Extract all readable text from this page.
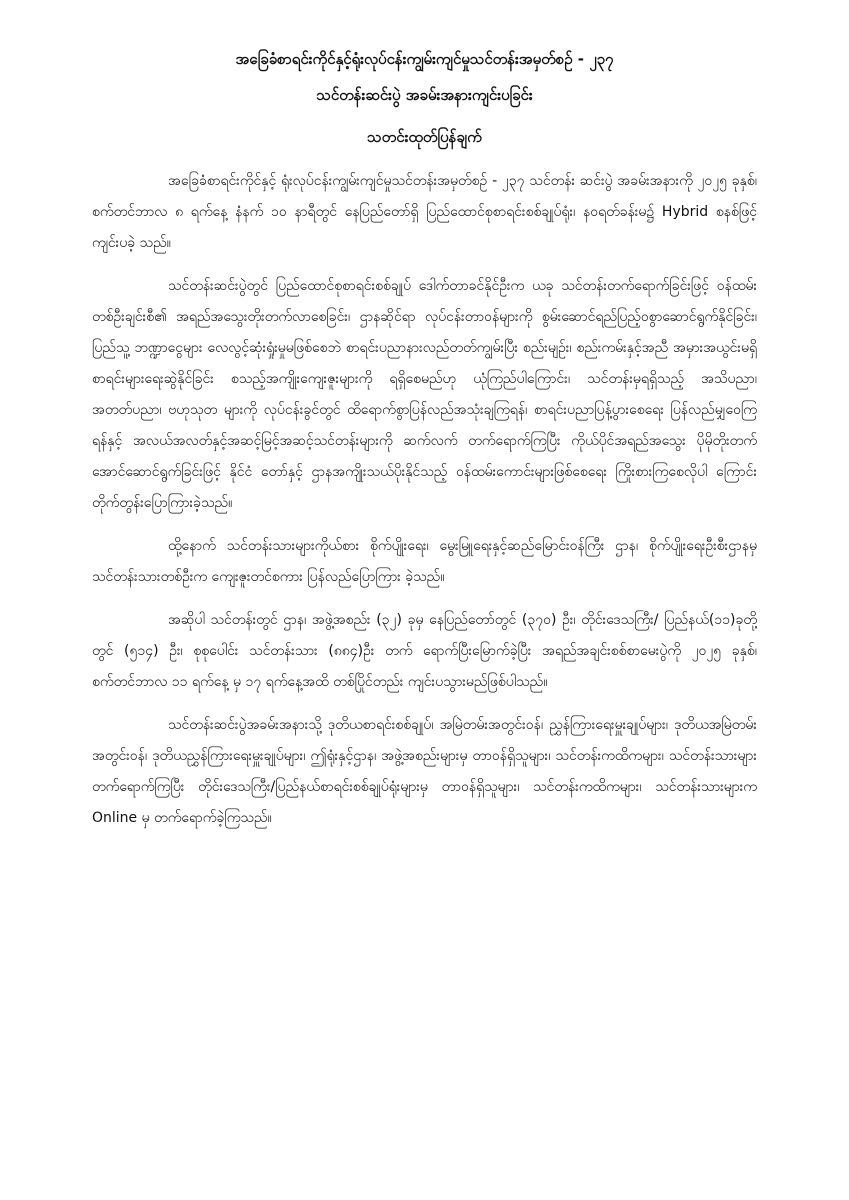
အခြေခံစာရင်းကိုင်နှင့်ရုံးလုပ်ငန်းကျွမ်းကျင်မှုသင်တန်းအမှတ်စဉ် - ၂၃၇
သင်တန်းဆင်းပွဲ အခမ်းအနားကျင်းပခြင်း
သတင်းထုတ်ပြန်ချက်

အခြေခံစာရင်းကိုင်နှင့် ရုံးလုပ်ငန်းကျွမ်းကျင်မှုသင်တန်းအမှတ်စဉ် - ၂၃၇ သင်တန်း ဆင်းပွဲ အခမ်းအနားကို ၂၀၂၅ ခုနှစ်၊ စက်တင်ဘာလ ၈ ရက်နေ့ နံနက် ၁၀ နာရီတွင် နေပြည်တော်ရှိ ပြည်ထောင်စုစာရင်းစစ်ချုပ်ရုံး၊ နဝရတ်ခန်းမ၌ Hybrid စနစ်ဖြင့် ကျင်းပခဲ့ သည်။

သင်တန်းဆင်းပွဲတွင် ပြည်ထောင်စုစာရင်းစစ်ချုပ် ဒေါက်တာခင်နိုင်ဦးက ယခု သင်တန်းတက်ရောက်ခြင်းဖြင့် ဝန်ထမ်းတစ်ဦးချင်းစီ၏ အရည်အသွေးတိုးတက်လာစေခြင်း၊ ဌာနဆိုင်ရာ လုပ်ငန်းတာဝန်များကို စွမ်းဆောင်ရည်ပြည့်ဝစွာဆောင်ရွက်နိုင်ခြင်း၊ ပြည်သူ့ ဘဏ္ဍာငွေများ လေလွင့်ဆုံးရှုံးမှုမဖြစ်စေဘဲ စာရင်းပညာနားလည်တတ်ကျွမ်းပြီး စည်းမျဉ်း၊ စည်းကမ်းနှင့်အညီ အမှားအယွင်းမရှိ စာရင်းများရေးဆွဲနိုင်ခြင်း စသည့်အကျိုးကျေးဇူးများကို ရရှိစေမည်ဟု ယုံကြည်ပါကြောင်း၊ သင်တန်းမှရရှိသည့် အသိပညာ၊ အတတ်ပညာ၊ ဗဟုသုတ များကို လုပ်ငန်းခွင်တွင် ထိရောက်စွာပြန်လည်အသုံးချကြရန်၊ စာရင်းပညာပြန့်ပွားစေရေး ပြန်လည်မျှဝေကြရန်နှင့် အလယ်အလတ်နှင့်အဆင့်မြင့်အဆင့်သင်တန်းများကို ဆက်လက် တက်ရောက်ကြပြီး ကိုယ်ပိုင်အရည်အသွေး ပိုမိုတိုးတက်အောင်ဆောင်ရွက်ခြင်းဖြင့် နိုင်ငံ တော်နှင့် ဌာနအကျိုးသယ်ပိုးနိုင်သည့် ဝန်ထမ်းကောင်းများဖြစ်စေရေး ကြိုးစားကြစေလိုပါ ကြောင်း တိုက်တွန်းပြောကြားခဲ့သည်။

ထို့နောက် သင်တန်းသားများကိုယ်စား စိုက်ပျိုးရေး၊ မွေးမြူရေးနှင့်ဆည်မြောင်းဝန်ကြီး ဌာန၊ စိုက်ပျိုးရေးဦးစီးဌာနမှ သင်တန်းသားတစ်ဦးက ကျေးဇူးတင်စကား ပြန်လည်ပြောကြား ခဲ့သည်။

အဆိုပါ သင်တန်းတွင် ဌာန၊ အဖွဲ့အစည်း (၃၂) ခုမှ နေပြည်တော်တွင် (၃၇၀) ဦး၊ တိုင်းဒေသကြီး/ ပြည်နယ်(၁၁)ခုတို့တွင် (၅၁၄) ဦး၊ စုစုပေါင်း သင်တန်းသား (၈၈၄)ဦး တက် ရောက်ပြီးမြောက်ခဲ့ပြီး အရည်အချင်းစစ်စာမေးပွဲကို ၂၀၂၅ ခုနှစ်၊ စက်တင်ဘာလ ၁၁ ရက်နေ့ မှ ၁၇ ရက်နေ့အထိ တစ်ပြိုင်တည်း ကျင်းပသွားမည်ဖြစ်ပါသည်။

သင်တန်းဆင်းပွဲအခမ်းအနားသို့ ဒုတိယစာရင်းစစ်ချုပ်၊ အမြဲတမ်းအတွင်းဝန်၊ ညွှန်ကြားရေးမှူးချုပ်များ၊ ဒုတိယအမြဲတမ်းအတွင်းဝန်၊ ဒုတိယညွှန်ကြားရေးမှူးချုပ်များ၊ ဤရုံးနှင့်ဌာန၊ အဖွဲ့အစည်းများမှ တာဝန်ရှိသူများ၊ သင်တန်းကထိကများ၊ သင်တန်းသားများ တက်ရောက်ကြပြီး တိုင်းဒေသကြီး/ပြည်နယ်စာရင်းစစ်ချုပ်ရုံးများမှ တာဝန်ရှိသူများ၊ သင်တန်းကထိကများ၊ သင်တန်းသားများက Online မှ တက်ရောက်ခဲ့ကြသည်။
